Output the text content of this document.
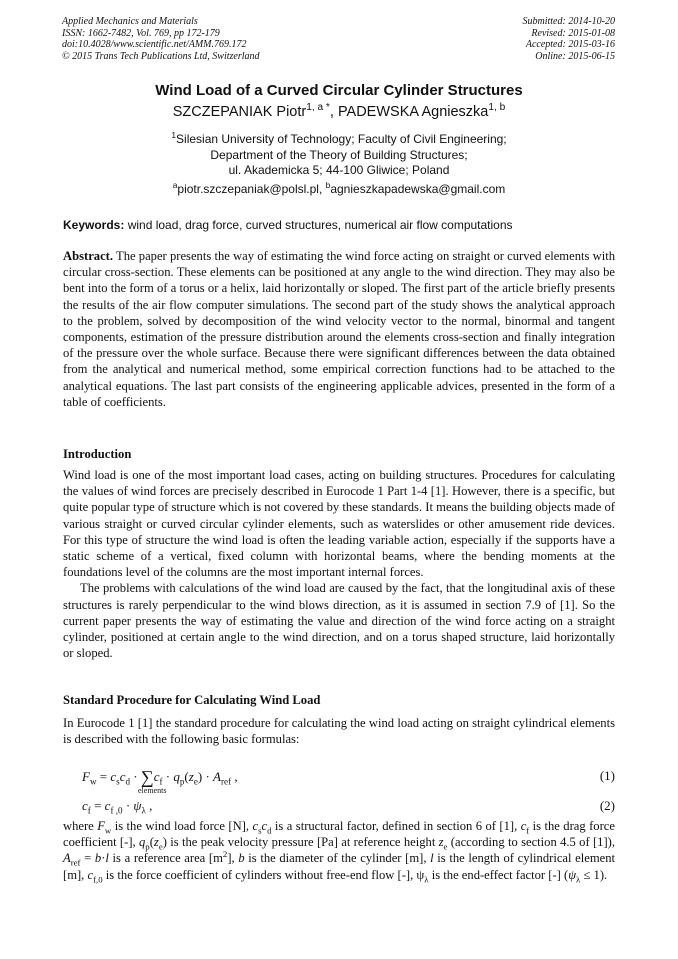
Applied Mechanics and Materials
ISSN: 1662-7482, Vol. 769, pp 172-179
doi:10.4028/www.scientific.net/AMM.769.172
© 2015 Trans Tech Publications Ltd, Switzerland
Submitted: 2014-10-20
Revised: 2015-01-08
Accepted: 2015-03-16
Online: 2015-06-15
Wind Load of a Curved Circular Cylinder Structures
SZCZEPANIAK Piotr$^{1, a *}$, PADEWSKA Agnieszka$^{1, b}$
$^1$Silesian University of Technology; Faculty of Civil Engineering;
Department of the Theory of Building Structures;
ul. Akademicka 5; 44-100 Gliwice; Poland
$^a$piotr.szczepaniak@polsl.pl, $^b$agnieszkapadewska@gmail.com
Keywords: wind load, drag force, curved structures, numerical air flow computations
Abstract. The paper presents the way of estimating the wind force acting on straight or curved elements with circular cross-section. These elements can be positioned at any angle to the wind direction. They may also be bent into the form of a torus or a helix, laid horizontally or sloped. The first part of the article briefly presents the results of the air flow computer simulations. The second part of the study shows the analytical approach to the problem, solved by decomposition of the wind velocity vector to the normal, binormal and tangent components, estimation of the pressure distribution around the elements cross-section and finally integration of the pressure over the whole surface. Because there were significant differences between the data obtained from the analytical and numerical method, some empirical correction functions had to be attached to the analytical equations. The last part consists of the engineering applicable advices, presented in the form of a table of coefficients.
Introduction
Wind load is one of the most important load cases, acting on building structures. Procedures for calculating the values of wind forces are precisely described in Eurocode 1 Part 1-4 [1]. However, there is a specific, but quite popular type of structure which is not covered by these standards. It means the building objects made of various straight or curved circular cylinder elements, such as waterslides or other amusement ride devices. For this type of structure the wind load is often the leading variable action, especially if the supports have a static scheme of a vertical, fixed column with horizontal beams, where the bending moments at the foundations level of the columns are the most important internal forces.
The problems with calculations of the wind load are caused by the fact, that the longitudinal axis of these structures is rarely perpendicular to the wind blows direction, as it is assumed in section 7.9 of [1]. So the current paper presents the way of estimating the value and direction of the wind force acting on a straight cylinder, positioned at certain angle to the wind direction, and on a torus shaped structure, laid horizontally or sloped.
Standard Procedure for Calculating Wind Load
In Eurocode 1 [1] the standard procedure for calculating the wind load acting on straight cylindrical elements is described with the following basic formulas:
$F_w = c_sc_d \cdot \sum c_f \cdot q_p(z_e) \cdot A_{ref}$ ,
elements
(1)
$c_f = c_{f ,0} \cdot \psi_\lambda$ ,	(2)
where $F_w$ is the wind load force [N], $c_sc_d$ is a structural factor, defined in section 6 of [1], $c_f$ is the drag force coefficient [-], $q_p(z_e)$ is the peak velocity pressure [Pa] at reference height $z_e$ (according to section 4.5 of [1]), $A_{ref} = b\cdot l$ is a reference area $[m^2]$, b is the diameter of the cylinder [m], l is the length of cylindrical element [m], $c_{f,0}$ is the force coefficient of cylinders without free-end flow [-], $\psi_\lambda$ is the end-effect factor [-] $(\psi_\lambda \le 1)$.
